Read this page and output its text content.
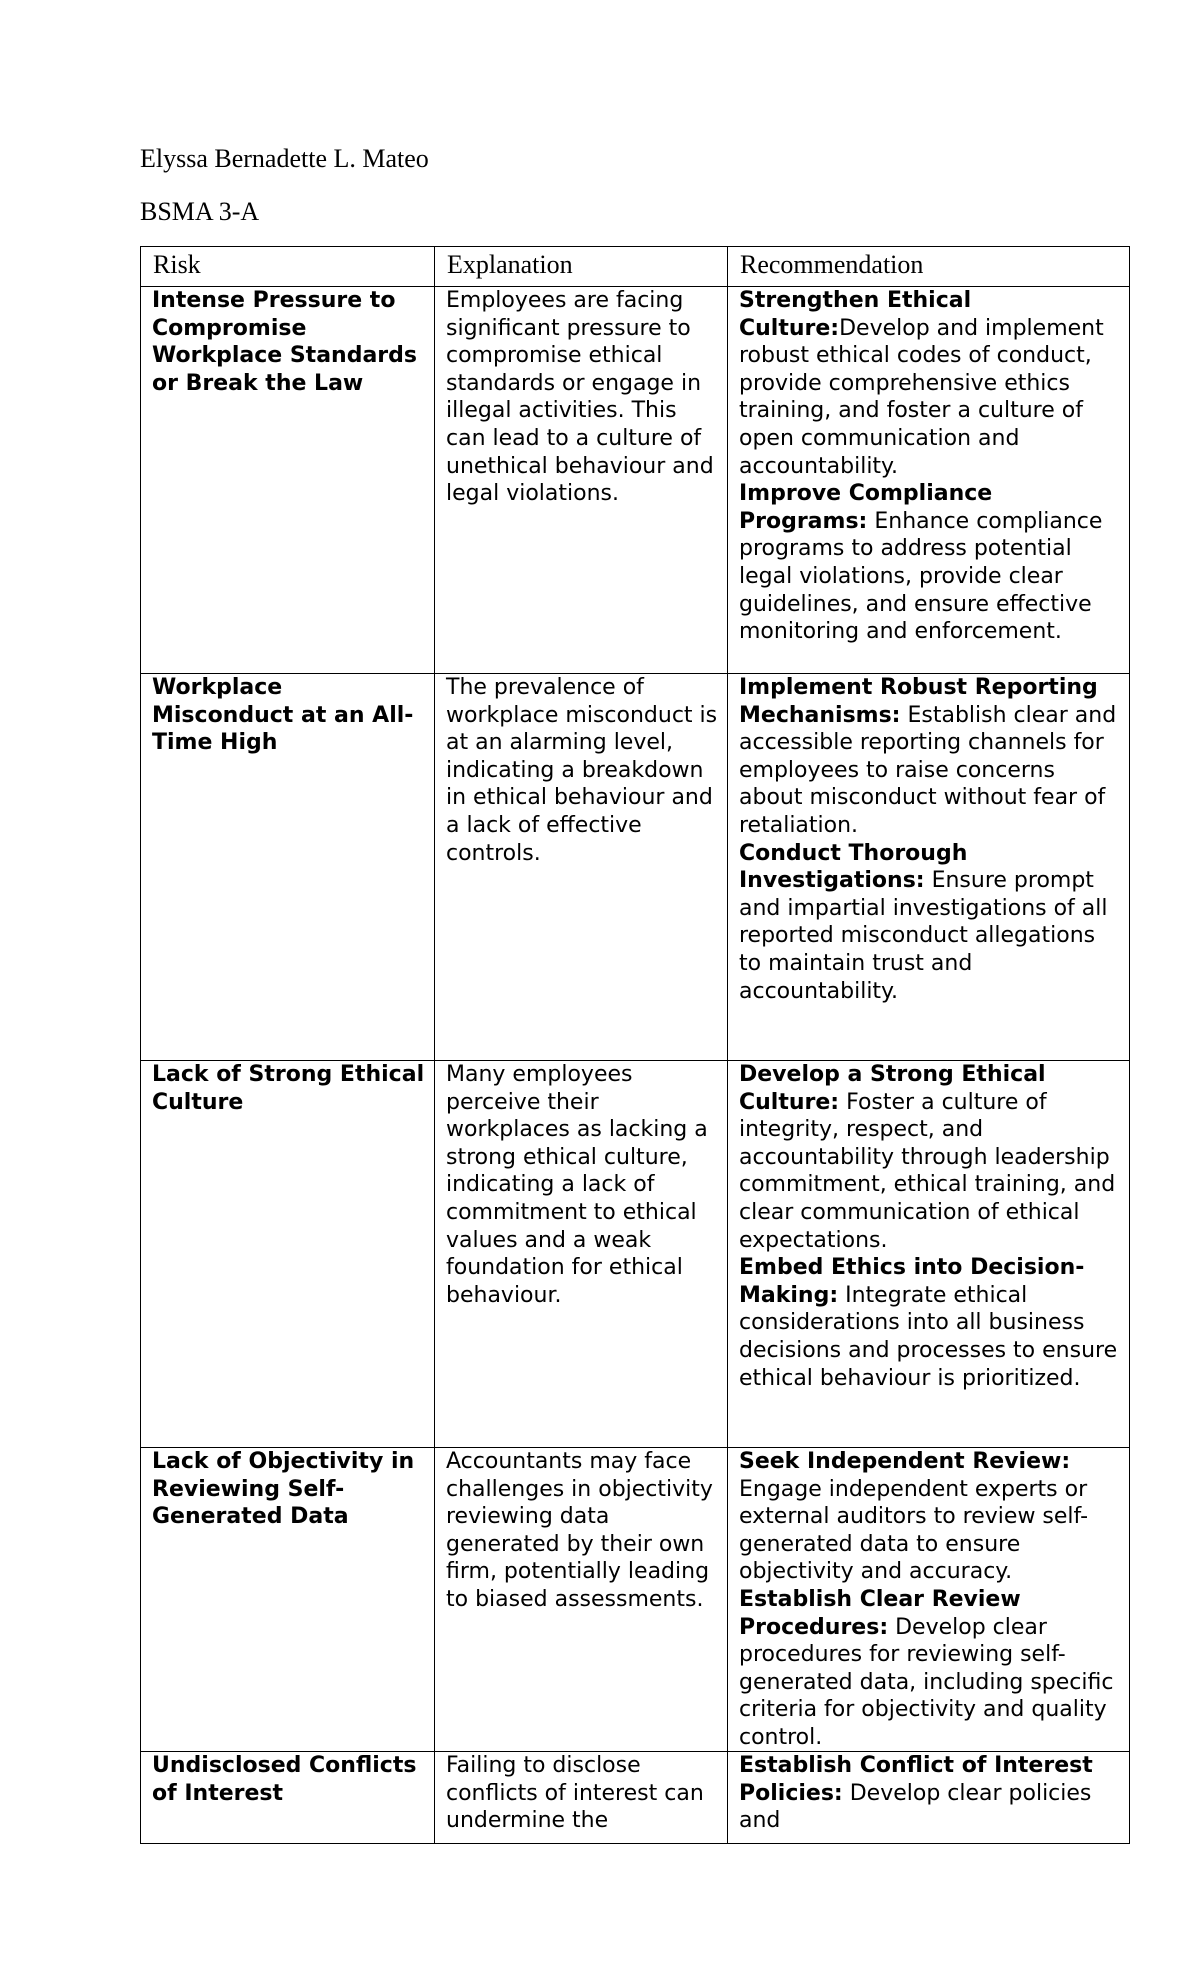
Elyssa Bernadette L. Mateo
BSMA 3-A
Risk	Explanation	Recommendation

Intense Pressure to Compromise Workplace Standards or Break the Law	Employees are facing significant pressure to compromise ethical standards or engage in illegal activities. This can lead to a culture of unethical behaviour and legal violations.	Strengthen Ethical Culture:Develop and implement robust ethical codes of conduct, provide comprehensive ethics training, and foster a culture of open communication and accountability.
Improve Compliance Programs: Enhance compliance programs to address potential legal violations, provide clear guidelines, and ensure effective monitoring and enforcement.

Workplace Misconduct at an All-Time High	The prevalence of workplace misconduct is at an alarming level, indicating a breakdown in ethical behaviour and a lack of effective controls.	Implement Robust Reporting Mechanisms: Establish clear and accessible reporting channels for employees to raise concerns about misconduct without fear of retaliation.
Conduct Thorough Investigations: Ensure prompt and impartial investigations of all reported misconduct allegations to maintain trust and accountability.

Lack of Strong Ethical Culture	Many employees perceive their workplaces as lacking a strong ethical culture, indicating a lack of commitment to ethical values and a weak foundation for ethical behaviour.	Develop a Strong Ethical Culture: Foster a culture of integrity, respect, and accountability through leadership commitment, ethical training, and clear communication of ethical expectations.
Embed Ethics into Decision-Making: Integrate ethical considerations into all business decisions and processes to ensure ethical behaviour is prioritized.

Lack of Objectivity in Reviewing Self-Generated Data	Accountants may face challenges in objectivity reviewing data generated by their own firm, potentially leading to biased assessments.	Seek Independent Review: Engage independent experts or external auditors to review self-generated data to ensure objectivity and accuracy.
Establish Clear Review Procedures: Develop clear procedures for reviewing self-generated data, including specific criteria for objectivity and quality control.

Undisclosed Conflicts of Interest	Failing to disclose conflicts of interest can undermine the	Establish Conflict of Interest Policies: Develop clear policies and
